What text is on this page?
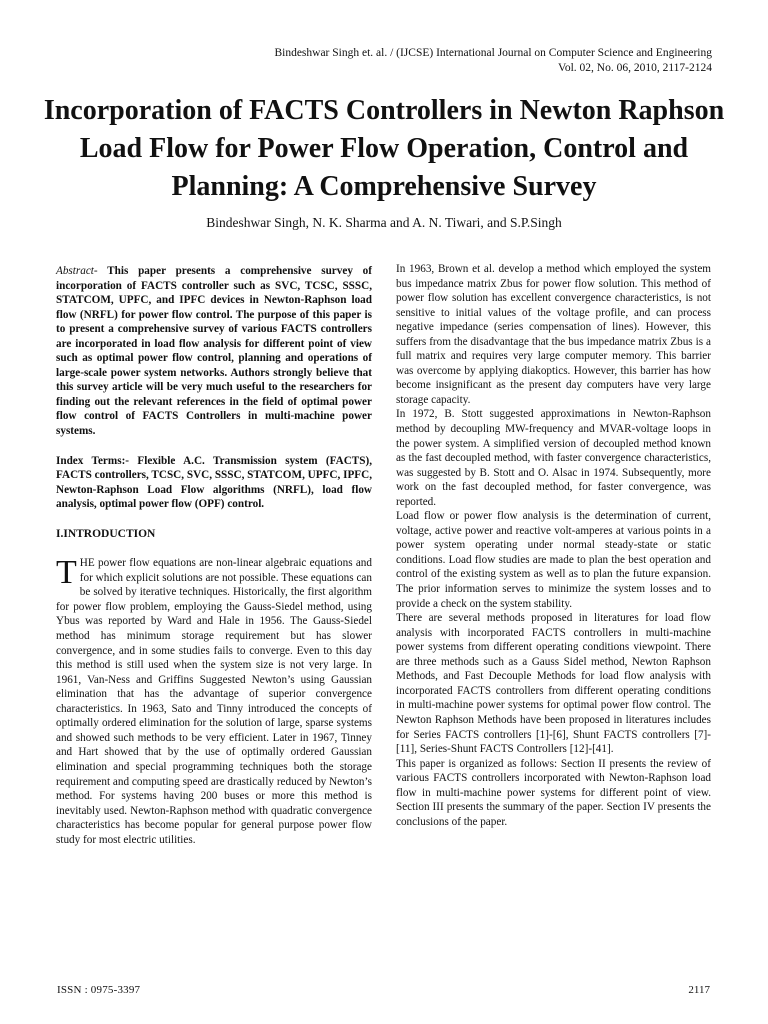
Bindeshwar Singh et. al. / (IJCSE) International Journal on Computer Science and Engineering
Vol. 02, No. 06, 2010, 2117-2124
Incorporation of FACTS Controllers in Newton Raphson Load Flow for Power Flow Operation, Control and Planning: A Comprehensive Survey
Bindeshwar Singh, N. K. Sharma and A. N. Tiwari, and S.P.Singh

Abstract- This paper presents a comprehensive survey of incorporation of FACTS controller such as SVC, TCSC, SSSC, STATCOM, UPFC, and IPFC devices in Newton-Raphson load flow (NRFL) for power flow control. The purpose of this paper is to present a comprehensive survey of various FACTS controllers are incorporated in load flow analysis for different point of view such as optimal power flow control, planning and operations of large-scale power system networks. Authors strongly believe that this survey article will be very much useful to the researchers for finding out the relevant references in the field of optimal power flow control of FACTS Controllers in multi-machine power systems.

Index Terms:- Flexible A.C. Transmission system (FACTS), FACTS controllers, TCSC, SVC, SSSC, STATCOM, UPFC, IPFC, Newton-Raphson Load Flow algorithms (NRFL), load flow analysis, optimal power flow (OPF) control.

I.INTRODUCTION

THE power flow equations are non-linear algebraic equations and for which explicit solutions are not possible. These equations can be solved by iterative techniques. Historically, the first algorithm for power flow problem, employing the Gauss-Siedel method, using Ybus was reported by Ward and Hale in 1956. The Gauss-Siedel method has minimum storage requirement but has slower convergence, and in some studies fails to converge. Even to this day this method is still used when the system size is not very large. In 1961, Van-Ness and Griffins Suggested Newton’s using Gaussian elimination that has the advantage of superior convergence characteristics. In 1963, Sato and Tinny introduced the concepts of optimally ordered elimination for the solution of large, sparse systems and showed such methods to be very efficient. Later in 1967, Tinney and Hart showed that by the use of optimally ordered Gaussian elimination and special programming techniques both the storage requirement and computing speed are drastically reduced by Newton’s method. For systems having 200 buses or more this method is inevitably used. Newton-Raphson method with quadratic convergence characteristics has become popular for general purpose power flow study for most electric utilities.

In 1963, Brown et al. develop a method which employed the system bus impedance matrix Zbus for power flow solution. This method of power flow solution has excellent convergence characteristics, is not sensitive to initial values of the voltage profile, and can process negative impedance (series compensation of lines). However, this suffers from the disadvantage that the bus impedance matrix Zbus is a full matrix and requires very large computer memory. This barrier was overcome by applying diakoptics. However, this barrier has how become insignificant as the present day computers have very large storage capacity.

In 1972, B. Stott suggested approximations in Newton-Raphson method by decoupling MW-frequency and MVAR-voltage loops in the power system. A simplified version of decoupled method known as the fast decoupled method, with faster convergence characteristics, was suggested by B. Stott and O. Alsac in 1974. Subsequently, more work on the fast decoupled method, for faster convergence, was reported.

Load flow or power flow analysis is the determination of current, voltage, active power and reactive volt-amperes at various points in a power system operating under normal steady-state or static conditions. Load flow studies are made to plan the best operation and control of the existing system as well as to plan the future expansion. The prior information serves to minimize the system losses and to provide a check on the system stability.

There are several methods proposed in literatures for load flow analysis with incorporated FACTS controllers in multi-machine power systems from different operating conditions viewpoint. There are three methods such as a Gauss Sidel method, Newton Raphson Methods, and Fast Decouple Methods for load flow analysis with incorporated FACTS controllers from different operating conditions in multi-machine power systems for optimal power flow control. The Newton Raphson Methods have been proposed in literatures includes for Series FACTS controllers [1]-[6], Shunt FACTS controllers [7]-[11], Series-Shunt FACTS Controllers [12]-[41].

This paper is organized as follows: Section II presents the review of various FACTS controllers incorporated with Newton-Raphson load flow in multi-machine power systems for different point of view. Section III presents the summary of the paper. Section IV presents the conclusions of the paper.

ISSN : 0975-3397	2117
